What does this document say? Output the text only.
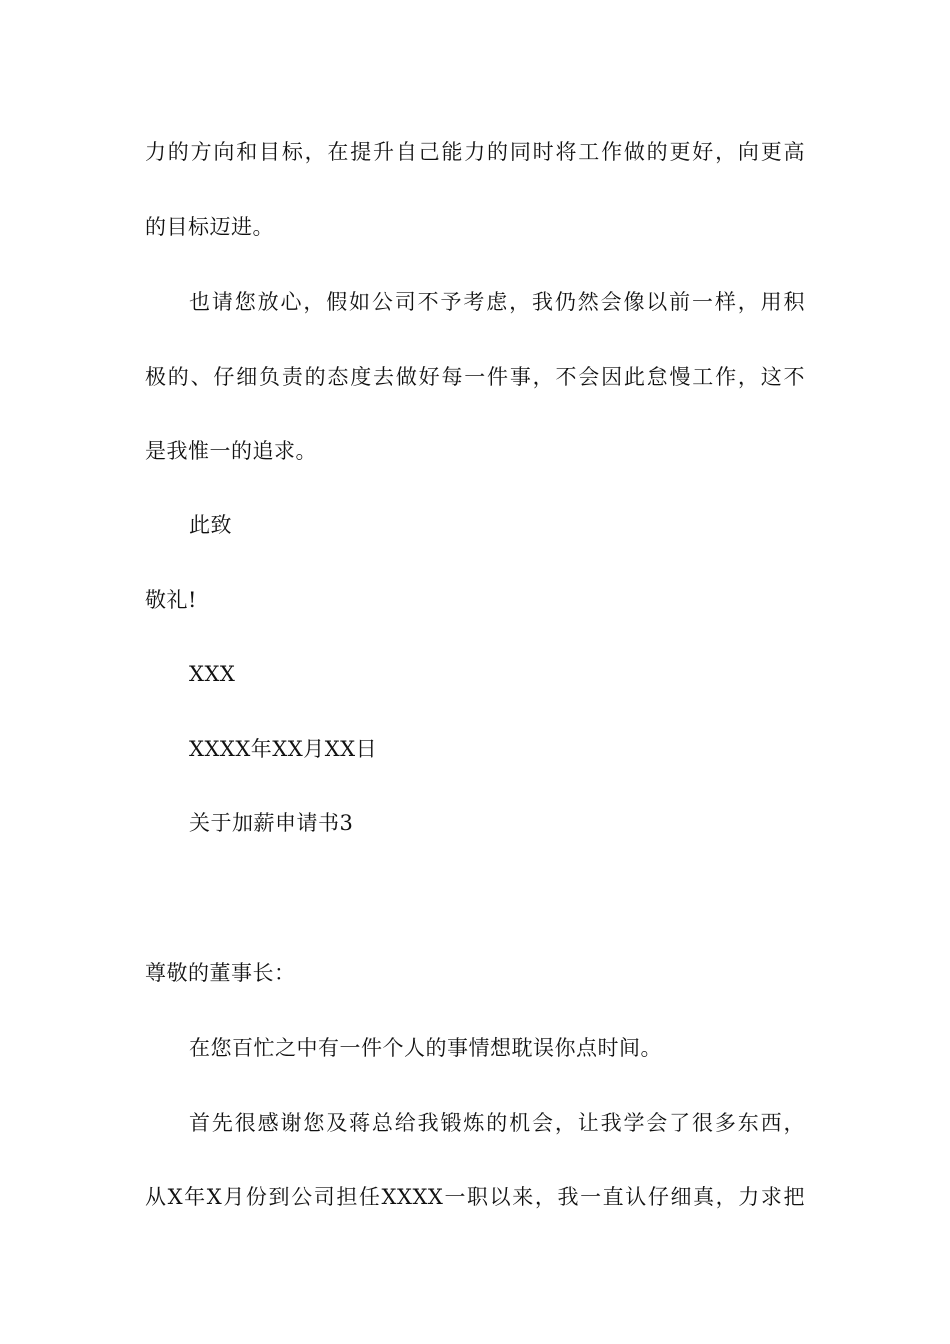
力的方向和目标，在提升自己能力的同时将工作做的更好，向更高
的目标迈进。
也请您放心，假如公司不予考虑，我仍然会像以前一样，用积
极的、仔细负责的态度去做好每一件事，不会因此怠慢工作，这不
是我惟一的追求。
此致
敬礼!
XXX
XXXX年XX月XX日
关于加薪申请书3
尊敬的董事长：
在您百忙之中有一件个人的事情想耽误你点时间。
首先很感谢您及蒋总给我锻炼的机会，让我学会了很多东西，
从X年X月份到公司担任XXXX一职以来，我一直认仔细真，力求把
